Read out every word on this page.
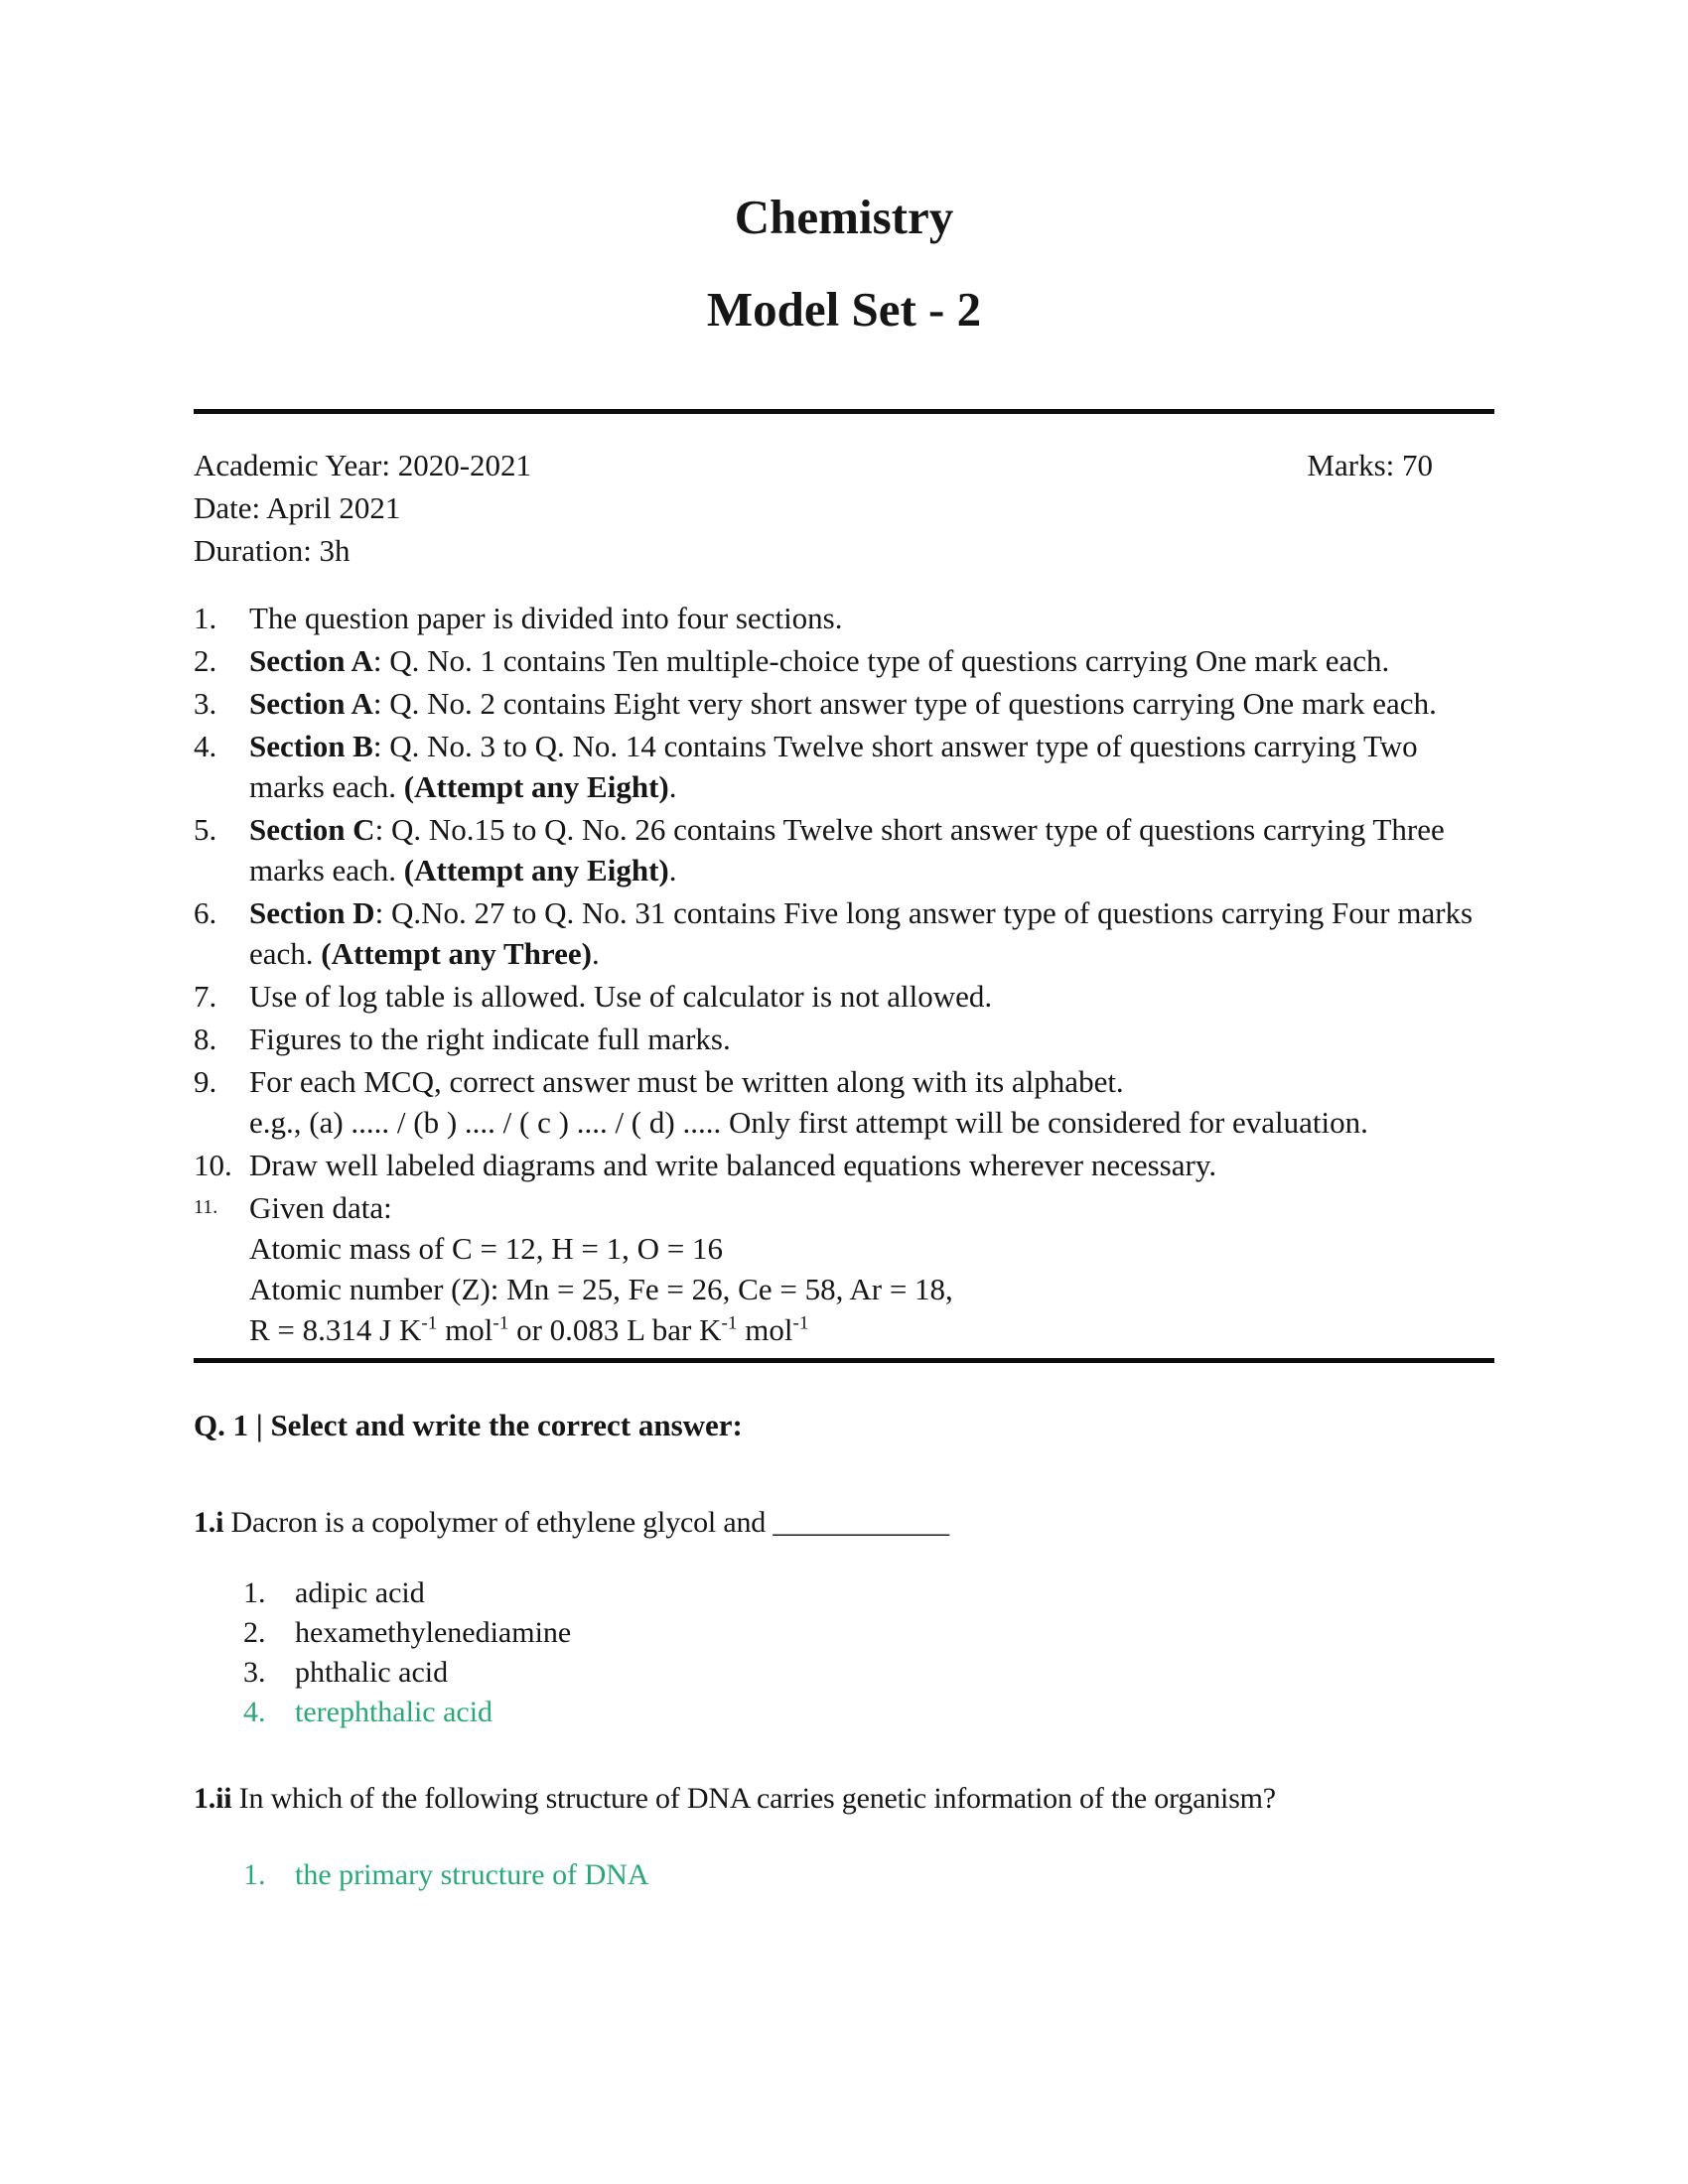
Chemistry
Model Set - 2
Academic Year: 2020-2021	Marks: 70
Date: April 2021
Duration: 3h
1.	The question paper is divided into four sections.
2.	Section A: Q. No. 1 contains Ten multiple-choice type of questions carrying One mark each.
3.	Section A: Q. No. 2 contains Eight very short answer type of questions carrying One mark each.
4.	Section B: Q. No. 3 to Q. No. 14 contains Twelve short answer type of questions carrying Two marks each. (Attempt any Eight).
5.	Section C: Q. No.15 to Q. No. 26 contains Twelve short answer type of questions carrying Three marks each. (Attempt any Eight).
6.	Section D: Q.No. 27 to Q. No. 31 contains Five long answer type of questions carrying Four marks each. (Attempt any Three).
7.	Use of log table is allowed. Use of calculator is not allowed.
8.	Figures to the right indicate full marks.
9.	For each MCQ, correct answer must be written along with its alphabet.
e.g., (a) ..... / (b ) .... / ( c ) .... / ( d) ..... Only first attempt will be considered for evaluation.
10. Draw well labeled diagrams and write balanced equations wherever necessary.
11.	Given data:
Atomic mass of C = 12, H = 1, O = 16
Atomic number (Z): Mn = 25, Fe = 26, Ce = 58, Ar = 18,
R = 8.314 J $K^{-1}$ mol$^{-1}$ or 0.083 L bar $K^{-1}$ mol$^{-1}$
Q. 1 | Select and write the correct answer:

1.i Dacron is a copolymer of ethylene glycol and ____________

1. adipic acid
2. hexamethylenediamine
3. phthalic acid
4. terephthalic acid

1.ii In which of the following structure of DNA carries genetic information of the organism?

1. the primary structure of DNA
